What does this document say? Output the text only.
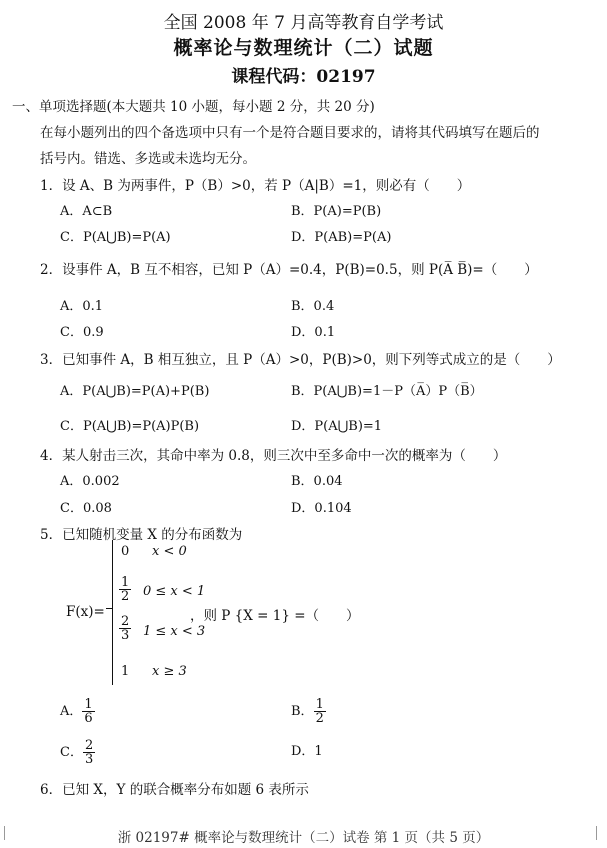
全国 2008 年 7 月高等教育自学考试
概率论与数理统计（二）试题
课程代码：02197
一、单项选择题(本大题共 10 小题，每小题 2 分，共 20 分)
在每小题列出的四个备选项中只有一个是符合题目要求的，请将其代码填写在题后的
括号内。错选、多选或未选均无分。
1．设 A、B 为两事件，P（B）>0，若 P（A|B）=1，则必有（　　）
A．A⊂B	B．P(A)=P(B)
C．P(A⋃B)=P(A)	D．P(AB)=P(A)
2．设事件 A，B 互不相容，已知 P（A）=0.4，P(B)=0.5，则 P(A̅ B̅)=（　　）
A．0.1	B．0.4
C．0.9	D．0.1
3．已知事件 A，B 相互独立，且 P（A）>0，P(B)>0，则下列等式成立的是（　　）
A．P(A⋃B)=P(A)+P(B)	B．P(A⋃B)=1－P（A̅）P（B̅）
C．P(A⋃B)=P(A)P(B)	D．P(A⋃B)=1
4．某人射击三次，其命中率为 0.8，则三次中至多命中一次的概率为（　　）
A．0.002	B．0.04
C．0.08	D．0.104
5．已知随机变量 X 的分布函数为
F(x)=
0 x < 0
$\frac{1}{2} 0 \le x < 1$
$\frac{2}{3} 1 \le x < 3$
1 x ≥ 3
，则 P {X = 1} =（　　）
A． $\frac{1}{6}$	B． $\frac{1}{2}$
C． $\frac{2}{3}$	D．1
6．已知 X，Y 的联合概率分布如题 6 表所示
浙 02197# 概率论与数理统计（二）试卷 第 1 页（共 5 页）
